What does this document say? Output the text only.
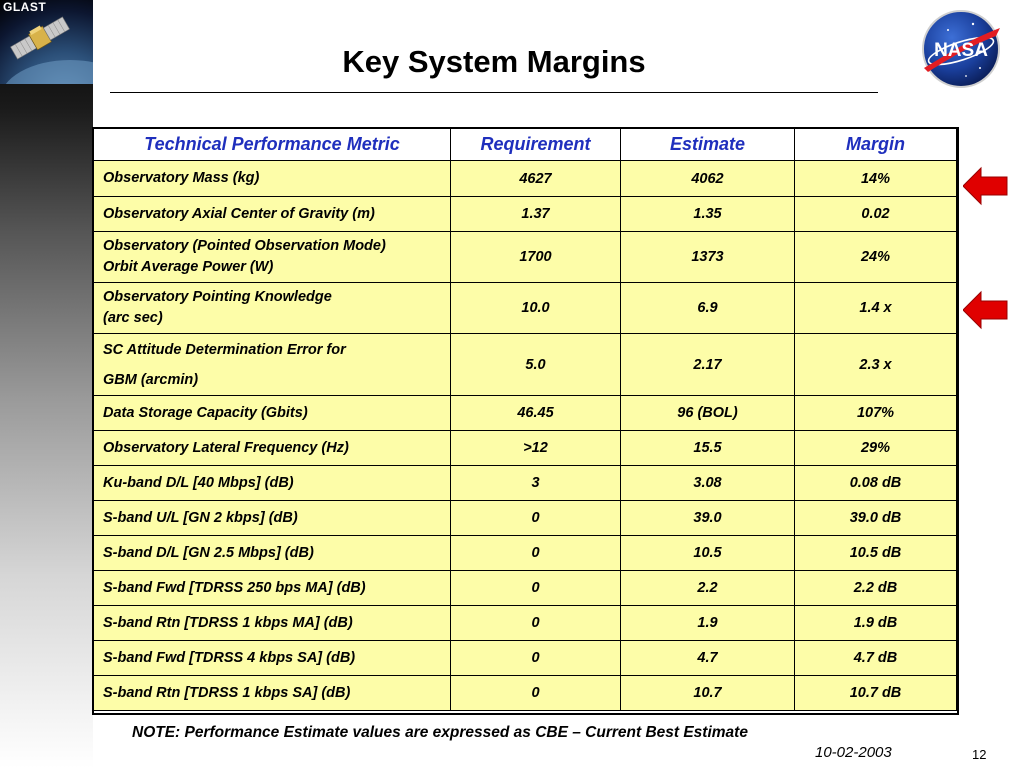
GLAST
NASA
Key System Margins
Technical Performance Metric	Requirement	Estimate	Margin
Observatory Mass (kg)	4627	4062	14%
Observatory Axial Center of Gravity (m)	1.37	1.35	0.02
Observatory (Pointed Observation Mode)
Orbit Average Power (W)	1700	1373	24%
Observatory Pointing Knowledge
(arc sec)	10.0	6.9	1.4 x
SC Attitude Determination Error for
GBM (arcmin)	5.0	2.17	2.3 x
Data Storage Capacity (Gbits)	46.45	96 (BOL)	107%
Observatory Lateral Frequency (Hz)	>12	15.5	29%
Ku-band D/L [40 Mbps] (dB)	3	3.08	0.08 dB
S-band U/L [GN 2 kbps] (dB)	0	39.0	39.0 dB
S-band D/L [GN 2.5 Mbps] (dB)	0	10.5	10.5 dB
S-band Fwd [TDRSS 250 bps MA] (dB)	0	2.2	2.2 dB
S-band Rtn [TDRSS 1 kbps MA] (dB)	0	1.9	1.9 dB
S-band Fwd [TDRSS 4 kbps SA] (dB)	0	4.7	4.7 dB
S-band Rtn [TDRSS 1 kbps SA] (dB)	0	10.7	10.7 dB
NOTE: Performance Estimate values are expressed as CBE – Current Best Estimate
10-02-2003	12
